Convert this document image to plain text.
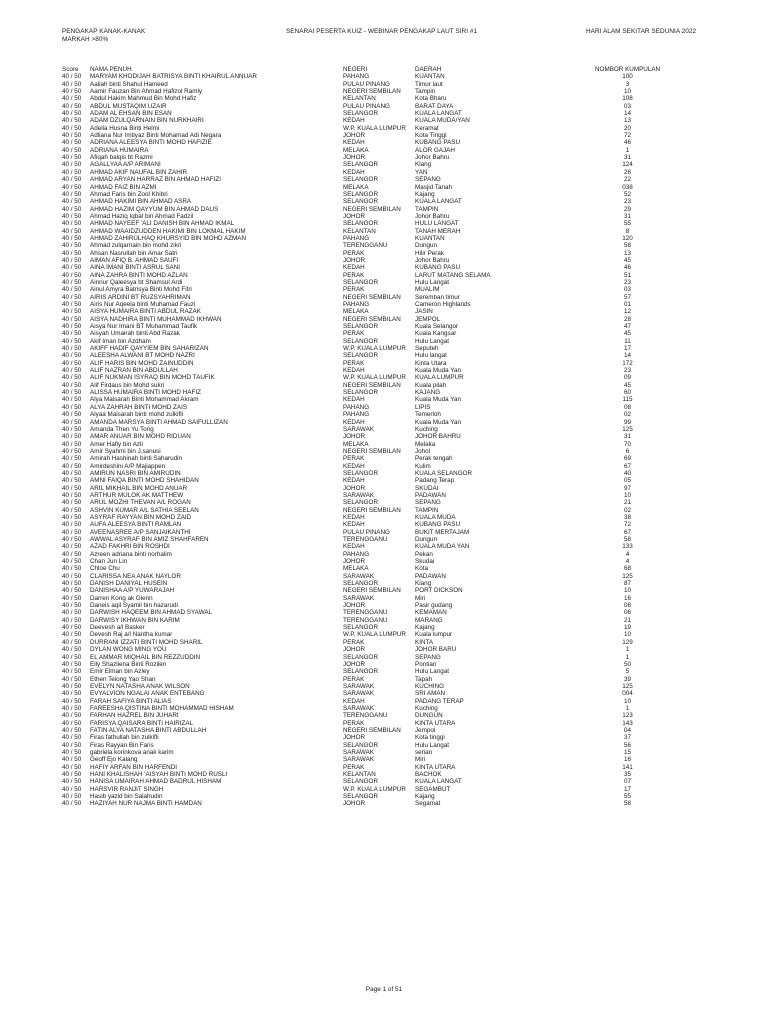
PENGAKAP KANAK-KANAK
MARKAH >80%
SENARAI PESERTA KUIZ - WEBINAR PENGAKAP LAUT SIRI #1	HARI ALAM SEKITAR SEDUNIA 2022
Score	NAMA PENUH	NEGERI	DAERAH		NOMBOR KUMPULAN
40 / 50	MARYAM KHODIJAH BATRISYA BINTI KHAIRUL ANNUAR	PAHANG	KUANTAN		100
40 / 50	Aaliah binti Shahul Hameed	PULAU PINANG	Timur laut		3
40 / 50	Aamir Fauzan Bin Ahmad Hafizol Ramly	NEGERI SEMBILAN	Tampin		10
40 / 50	Abdul Hakim Mahmud Bin Mohd Hafiz	KELANTAN	Kota Bharu		108
40 / 50	ABDUL MUSTAQIM UZAIR	PULAU PINANG	BARAT DAYA		03
40 / 50	ADAM AL EHSAN BIN ESAN	SELANGOR	KUALA LANGAT		14
40 / 50	ADAM DZULQARNAIN BIN NURKHAIRI	KEDAH	KUALA MUDA/YAN		13
40 / 50	Adelia Husna Binti Helmi	W.P. KUALA LUMPUR	Keramat		20
40 / 50	Adliana Nur Imtiyaz Binti Mohamad Adi Negara	JOHOR	Kota Tinggi		72
40 / 50	ADRIANA ALEESYA BINTI MOHD HAFIZIE	KEDAH	KUBANG PASU		46
40 / 50	ADRIANA HUMAIRA	MELAKA	ALOR GAJAH		1
40 / 50	Afiqah balqis bt Razmi	JOHOR	Johor Bahru		31
40 / 50	AGALLYAA A/P ARIMANI	SELANGOR	Klang		124
40 / 50	AHMAD AKIF NAUFAL BIN ZAHIR	KEDAH	YAN		26
40 / 50	AHMAD ARYAN HARRAZ BIN AHMAD HAFIZI	SELANGOR	SEPANG		22
40 / 50	AHMAD FAIZ BIN AZMI	MELAKA	Masjid Tanah		038
40 / 50	Ahmad Faris bin Zool Khibri	SELANGOR	Kajang		52
40 / 50	AHMAD HAKIMI BIN AHMAD ASRA	SELANGOR	KUALA LANGAT		23
40 / 50	AHMAD HAZIM QAYYUM BIN AHMAD DAUS	NEGERI SEMBILAN	TAMPIN		29
40 / 50	Ahmad Haziq Iqbal bin Ahmad Fadzil	JOHOR	Johor Bahru		31
40 / 50	AHMAD NAYEEF 'ALI DANISH BIN AHMAD IKMAL	SELANGOR	HULU LANGAT		55
40 / 50	AHMAD WAAIDZUDDEN HAKIMI BIN LOKMAL HAKIM	KELANTAN	TANAH MERAH		8
40 / 50	AHMAD ZAHIRULHAQ KHURSYID BIN MOHD AZMAN	PAHANG	KUANTAN		120
40 / 50	Ahmad zulqarnain bin mohd zikri	TERENGGANU	Dungun		58
40 / 50	Ahsan Nasrullah bin Amar Satri	PERAK	Hilir Perak		13
40 / 50	AIMAN AFIQ B. AHMAD SAUFI	JOHOR	Johor Bahru		45
40 / 50	AINA IMANI BINTI ASRUL SANI	KEDAH	KUBANG PASU		46
40 / 50	AINA ZAHRA BINTI MOHD AZLAN	PERAK	LARUT MATANG SELAMA		51
40 / 50	Ainnur Qaleesya bt Shamsul Ardi	SELANGOR	Hulu Langat		23
40 / 50	Ainul Amyra Batrisya Binti Mohd Fitri	PERAK	MUALIM		03
40 / 50	AIRIS ARDINI BT RUZSYAHRIMAN	NEGERI SEMBILAN	Seremban timur		57
40 / 50	Airis Nur Aqeela binti Muhamad Fauzi	PAHANG	Cameron Highlands		01
40 / 50	AISYA HUMAIRA BINTI ABDUL RAZAK	MELAKA	JASIN		12
40 / 50	AISYA NADHIRA BINTI MUHAMMAD IKHWAN	NEGERI SEMBILAN	JEMPOL		28
40 / 50	Aisya Nur Imani BT Muhammad Taufik	SELANGOR	Kuala Selangor		47
40 / 50	Aisyah Umairah binti Abd Razak	PERAK	Kuala Kangsar		45
40 / 50	Akif Iman bin Azdham	SELANGOR	Hulu Langat		11
40 / 50	AKIFF HADIF QAYYIEM BIN SAHARIZAN	W.P. KUALA LUMPUR	Seputeh		17
40 / 50	ALEESHA ALWANI BT MOHD NAZRI	SELANGOR	Hulu langat		14
40 / 50	ALIF HARIS BIN MOHD ZAINUDDIN	PERAK	Kinta Utara		172
40 / 50	ALIF NAZRAN BIN ABDULLAH	KEDAH	Kuala Muda Yan		23
40 / 50	ALIF NUKMAN ISYRAQ BIN MOHD TAUFIK	W.P. KUALA LUMPUR	KUALA LUMPUR		09
40 / 50	Alif Firdaus bin Mohd sukri	NEGERI SEMBILAN	Kuala pilah		45
40 / 50	ALISSA HUMAIRA BINTI MOHD HAFIZ	SELANGOR	KAJANG		60
40 / 50	Alya Maisarah Binti Mohammad Akram	KEDAH	Kuala Muda Yan		115
40 / 50	ALYA ZAHRAH BINTI MOHD ZAIS	PAHANG	LIPIS		08
40 / 50	Alyaa Maisarah binti mohd zulkifli	PAHANG	Temerloh		02
40 / 50	AMANDA MARSYA BINTI AHMAD SAIFULLIZAN	KEDAH	Kuala Muda Yan		99
40 / 50	Amanda Then Yu Tong	SARAWAK	Kuching		125
40 / 50	AMAR ANUAR BIN MOHD RIDUAN	JOHOR	JOHOR BAHRU		31
40 / 50	Amer Hafiy bin Azli	MELAKA	Melaka		70
40 / 50	Amir Syahmi bin J.sanusi	NEGERI SEMBILAN	Johol		6
40 / 50	Amirah Hashinah binti Saharudin	PERAK	Perak tengah		69
40 / 50	Amirdeshini A/P Majiappen	KEDAH	Kulim		67
40 / 50	AMIRUN NASRI BIN AMIRUDIN	SELANGOR	KUALA SELANGOR		40
40 / 50	AMNI FAIQA BINTI MOHD SHAHIDAN	KEDAH	Padang Terap		05
40 / 50	ARIL MIKHAIL BIN MOHD ANUAR	JOHOR	SKUDAI		97
40 / 50	ARTHUR MULOK AK MATTHEW	SARAWAK	PADAWAN		10
40 / 50	ARUL MOZHI THEVAN A/L ROGAN	SELANGOR	SEPANG		21
40 / 50	ASHVIN KUMAR A/L SATHIA SEELAN	NEGERI SEMBILAN	TAMPIN		02
40 / 50	ASYRAF RAYYAN BIN MOHD ZAID	KEDAH	KUALA MUDA		38
40 / 50	AUFA ALEESYA BINTI RAMLAN	KEDAH	KUBANG PASU		72
40 / 50	AVEENASREE A/P SANJAIKANTHI	PULAU PINANG	BUKIT MERTAJAM		67
40 / 50	AWWAL ASYRAF BIN AMIZ SHAHFAREN	TERENGGANU	Dungun		58
40 / 50	AZAD FAKHRI BIN ROSHDI	KEDAH	KUALA MUDA YAN		133
40 / 50	Azreen adriana binti norhalim	PAHANG	Pekan		4
40 / 50	Chan Jun Lin	JOHOR	Skudai		4
40 / 50	Chloe Chu	MELAKA	Kota		68
40 / 50	CLARISSA NEA ANAK NAYLOR	SARAWAK	PADAWAN		125
40 / 50	DANISH DANIYAL HUSEIN	SELANGOR	Klang		87
40 / 50	DANISHAA A/P YUWARAJAH	NEGERI SEMBILAN	PORT DICKSON		10
40 / 50	Darren Kong ak Glenn	SARAWAK	Miri		16
40 / 50	Daneis aqil Syamil bin hazarudi	JOHOR	Pasir gudang		08
40 / 50	DARWISH HAQEEM BIN AHMAD SYAWAL	TERENGGANU	KEMAMAN		06
40 / 50	DARWISY IKHWAN BIN KARIM	TERENGGANU	MARANG		21
40 / 50	Deevesh a/l Basker	SELANGOR	Kajang		19
40 / 50	Devesh Raj a/l Nantha kumar	W.P. KUALA LUMPUR	Kuala lumpur		10
40 / 50	DURRANI IZZATI BINTI MOHD SHARIL	PERAK	KINTA		129
40 / 50	DYLAN WONG MING YOU	JOHOR	JOHOR BARU		1
40 / 50	EL AMMAR MIQHAIL BIN REZZUDDIN	SELANGOR	SEPANG		1
40 / 50	Elly Shazliena Binti Rozlien	JOHOR	Pontian		50
40 / 50	Emir Elman bin Azley	SELANGOR	Hulu Langat		5
40 / 50	Ethen Teiong Yao Shan	PERAK	Tapah		39
40 / 50	EVELYN NATASHA ANAK WILSON	SARAWAK	KUCHING		125
40 / 50	EVYALVION NGALAI ANAK ENTEBANG	SARAWAK	SRI AMAN		004
40 / 50	FARAH SAFIYA BINTI ALIAS	KEDAH	PADANG TERAP		10
40 / 50	FAREESHA QISTINA BINTI MOHAMMAD HISHAM	SARAWAK	Kuching		1
40 / 50	FARHAN HAZREL BIN JUHARI	TERENGGANU	DUNGUN		123
40 / 50	FARISYA QAISARA BINTI HAIRIZAL	PERAK	KINTA UTARA		143
40 / 50	FATIN ALYA NATASHA BINTI ABDULLAH	NEGERI SEMBILAN	Jempol		04
40 / 50	Firas fathullah bin zulkifli	JOHOR	Kota tinggi		37
40 / 50	Firas Rayyan Bin Faris	SELANGOR	Hulu Langat		56
40 / 50	gabriela korinkova anak karim	SARAWAK	serian		15
40 / 50	Geoff Ejo Kalang	SARAWAK	Miri		16
40 / 50	HAFIY ARFAN BIN HARFENDI	PERAK	KINTA UTARA		141
40 / 50	HANI KHALISHAH 'AISYAH BINTI MOHD RUSLI	KELANTAN	BACHOK		35
40 / 50	HANISA UMAIRAH AHMAD BADRUL HISHAM	SELANGOR	KUALA LANGAT		07
40 / 50	HARSVIR RANJIT SINGH	W.P. KUALA LUMPUR	SEGAMBUT		17
40 / 50	Hasib yazid bin Salahudin	SELANGOR	Kajang		55
40 / 50	HAZIYAH NUR NAJMA BINTI HAMDAN	JOHOR	Segamat		58
Page 1 of 51
